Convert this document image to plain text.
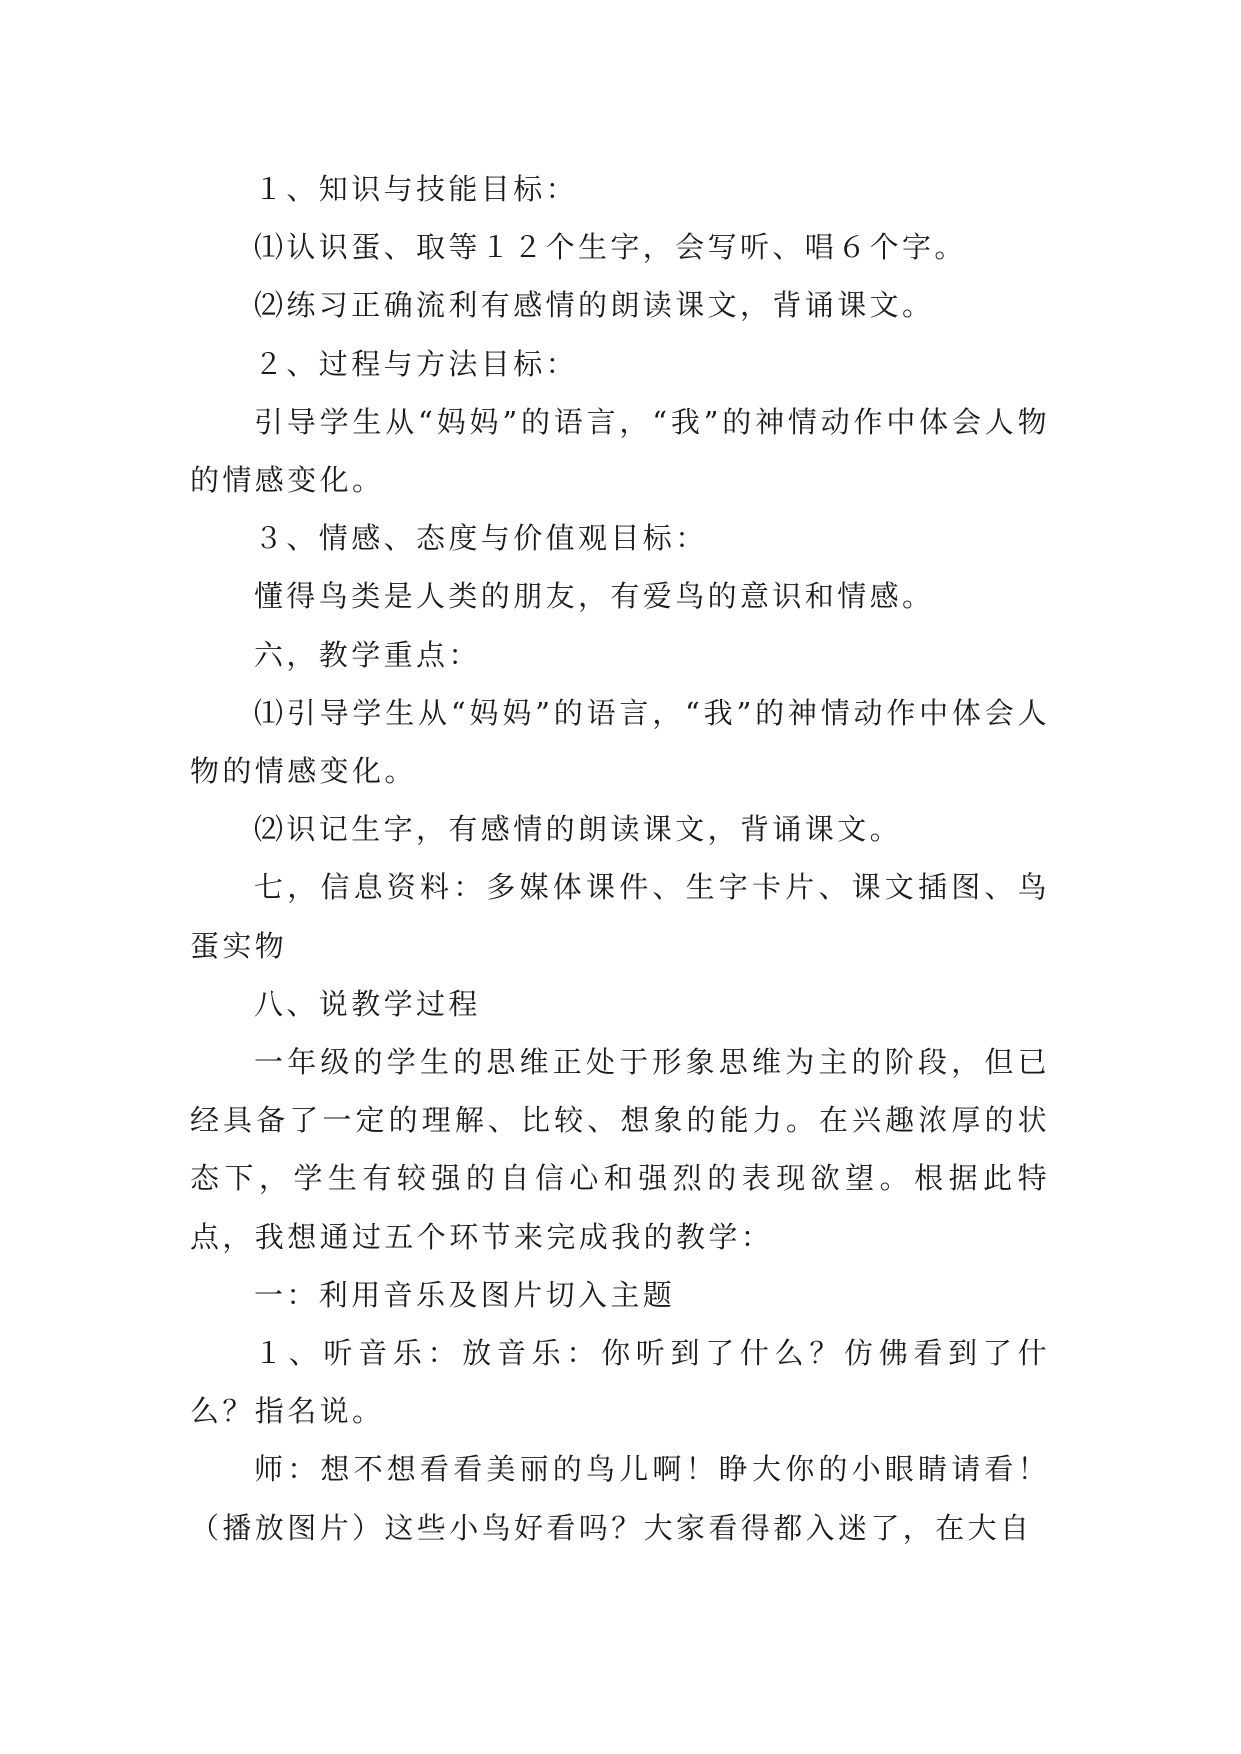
１、知识与技能目标：

⑴认识蛋、取等１２个生字，会写听、唱６个字。

⑵练习正确流利有感情的朗读课文，背诵课文。

２、过程与方法目标：

引导学生从“妈妈”的语言，“我”的神情动作中体会人物的情感变化。

３、情感、态度与价值观目标：

懂得鸟类是人类的朋友，有爱鸟的意识和情感。

六，教学重点：

⑴引导学生从“妈妈”的语言，“我”的神情动作中体会人物的情感变化。

⑵识记生字，有感情的朗读课文，背诵课文。

七，信息资料：多媒体课件、生字卡片、课文插图、鸟蛋实物

八、说教学过程

一年级的学生的思维正处于形象思维为主的阶段，但已经具备了一定的理解、比较、想象的能力。在兴趣浓厚的状态下，学生有较强的自信心和强烈的表现欲望。根据此特点，我想通过五个环节来完成我的教学：

一：利用音乐及图片切入主题

１、听音乐：放音乐：你听到了什么？仿佛看到了什么？指名说。

师：想不想看看美丽的鸟儿啊！睁大你的小眼睛请看！（播放图片）这些小鸟好看吗？大家看得都入迷了，在大自
